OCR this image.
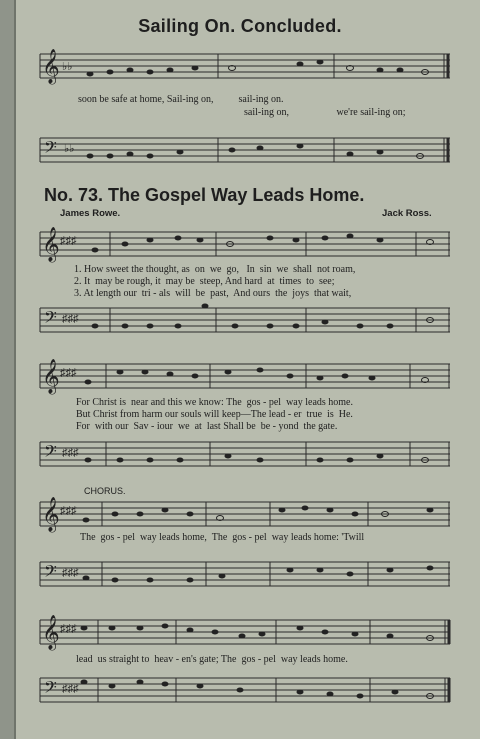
Sailing On. Concluded.
𝄞 ♭♭
soon be safe at home, Sail-ing on,          sail-ing on.
sail-ing on,                   we're sail-ing on;
𝄢 ♭♭
No. 73. The Gospel Way Leads Home.
James Rowe.	Jack Ross.
𝄞 ♯♯♯
1. How sweet the thought, as  on  we  go,   In  sin  we  shall  not roam,
2. It  may be rough, it  may be  steep, And hard  at  times  to  see;
3. At length our  tri - als  will  be  past,  And ours  the  joys  that wait,
𝄢 ♯♯♯
𝄞 ♯♯♯
For Christ is  near and this we know: The  gos - pel  way leads home.
But Christ from harm our souls will keep—The lead - er  true  is  He.
For  with our  Sav - iour  we  at  last Shall be  be - yond  the gate.
𝄢 ♯♯♯
CHORUS.
𝄞 ♯♯♯
The  gos - pel  way leads home,  The  gos - pel  way leads home: 'Twill
𝄢 ♯♯♯
𝄞 ♯♯♯
lead  us straight to  heav - en's gate; The  gos - pel  way leads home.
𝄢 ♯♯♯
